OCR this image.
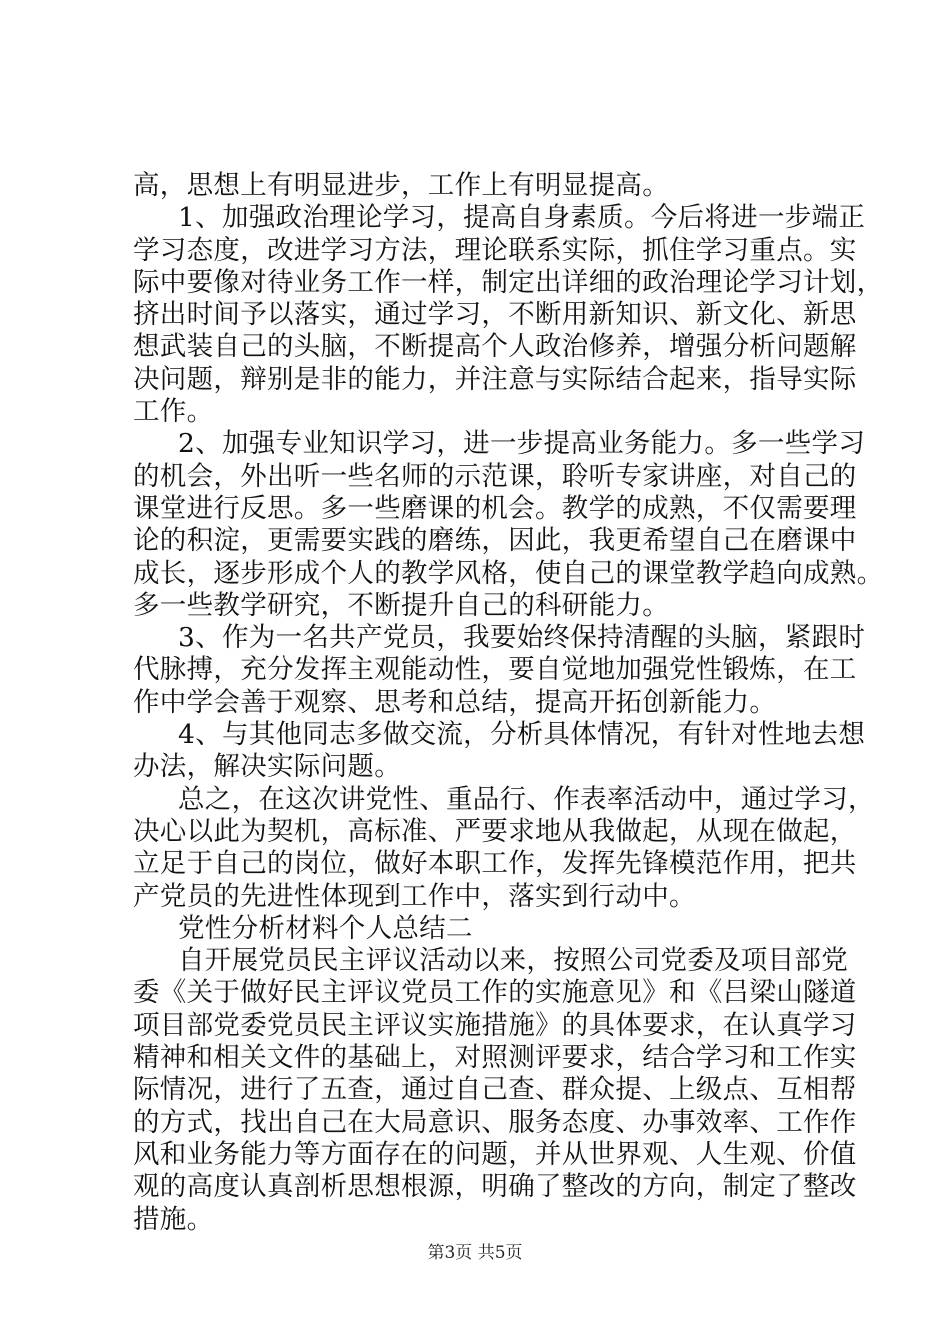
高，思想上有明显进步，工作上有明显提高。
1、加强政治理论学习，提高自身素质。今后将进一步端正
学习态度，改进学习方法，理论联系实际，抓住学习重点。实
际中要像对待业务工作一样，制定出详细的政治理论学习计划，
挤出时间予以落实，通过学习，不断用新知识、新文化、新思
想武装自己的头脑，不断提高个人政治修养，增强分析问题解
决问题，辩别是非的能力，并注意与实际结合起来，指导实际
工作。
2、加强专业知识学习，进一步提高业务能力。多一些学习
的机会，外出听一些名师的示范课，聆听专家讲座，对自己的
课堂进行反思。多一些磨课的机会。教学的成熟，不仅需要理
论的积淀，更需要实践的磨练，因此，我更希望自己在磨课中
成长，逐步形成个人的教学风格，使自己的课堂教学趋向成熟。
多一些教学研究，不断提升自己的科研能力。
3、作为一名共产党员，我要始终保持清醒的头脑，紧跟时
代脉搏，充分发挥主观能动性，要自觉地加强党性锻炼，在工
作中学会善于观察、思考和总结，提高开拓创新能力。
4、与其他同志多做交流，分析具体情况，有针对性地去想
办法，解决实际问题。
总之，在这次讲党性、重品行、作表率活动中，通过学习，
决心以此为契机，高标准、严要求地从我做起，从现在做起，
立足于自己的岗位，做好本职工作，发挥先锋模范作用，把共
产党员的先进性体现到工作中，落实到行动中。
党性分析材料个人总结二
自开展党员民主评议活动以来，按照公司党委及项目部党
委《关于做好民主评议党员工作的实施意见》和《吕梁山隧道
项目部党委党员民主评议实施措施》的具体要求，在认真学习
精神和相关文件的基础上，对照测评要求，结合学习和工作实
际情况，进行了五查，通过自己查、群众提、上级点、互相帮
的方式，找出自己在大局意识、服务态度、办事效率、工作作
风和业务能力等方面存在的问题，并从世界观、人生观、价值
观的高度认真剖析思想根源，明确了整改的方向，制定了整改
措施。
第3页 共5页
